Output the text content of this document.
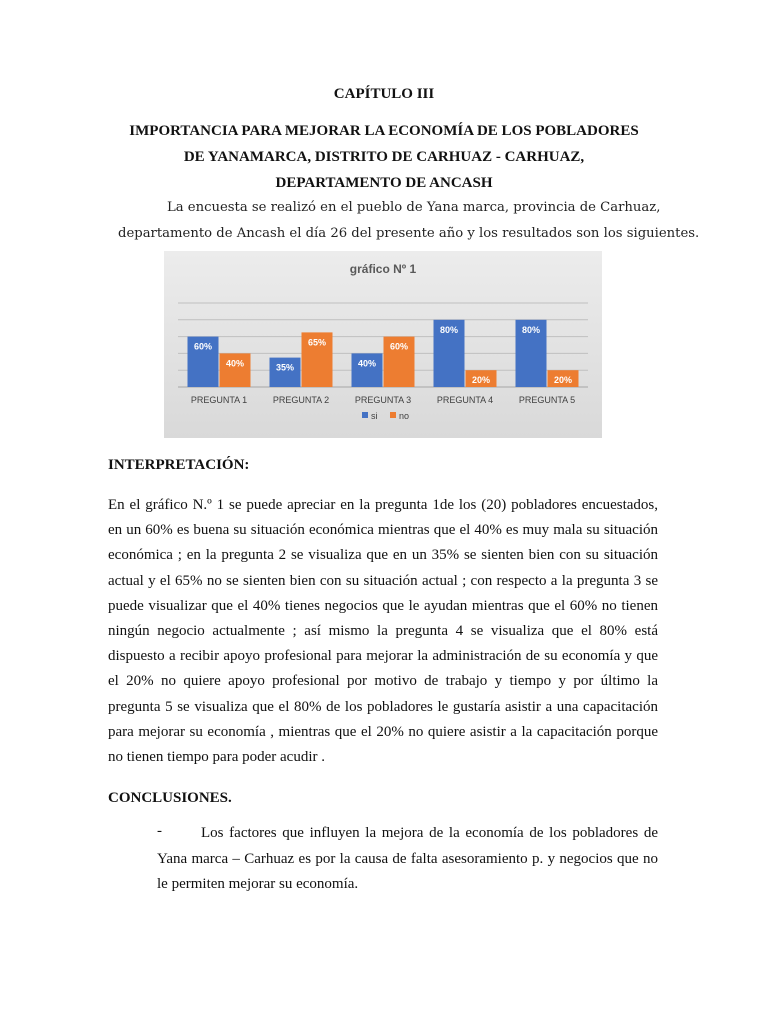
CAPÍTULO III
IMPORTANCIA PARA MEJORAR LA ECONOMÍA DE LOS POBLADORES
DE YANAMARCA, DISTRITO DE CARHUAZ - CARHUAZ,
DEPARTAMENTO DE ANCASH
La encuesta se realizó en el pueblo de Yana marca, provincia de Carhuaz,
departamento de Ancash el día 26 del presente año y los resultados son los siguientes.
gráfico Nº 1
60%
40%	35%
65%
40%
60%
80%
20%
80%
20%
PREGUNTA 1	PREGUNTA 2	PREGUNTA 3	PREGUNTA 4	PREGUNTA 5
si no
INTERPRETACIÓN:
En el gráfico N.º 1 se puede apreciar en la pregunta 1de los (20) pobladores encuestados, en un 60% es buena su situación económica mientras que el 40% es muy mala su situación económica ; en la pregunta 2 se visualiza que en un 35% se sienten bien con su situación actual y el 65% no se sienten bien con su situación actual ; con respecto a la pregunta 3 se puede visualizar que el 40% tienes negocios que le ayudan mientras que el 60% no tienen ningún negocio actualmente ; así mismo la pregunta 4 se visualiza que el 80% está dispuesto a recibir apoyo profesional para mejorar la administración de su economía y que el 20% no quiere apoyo profesional por motivo de trabajo y tiempo y por último la pregunta 5 se visualiza que el 80% de los pobladores le gustaría asistir a una capacitación para mejorar su economía , mientras que el 20% no quiere asistir a la capacitación porque no tienen tiempo para poder acudir .
CONCLUSIONES.
-	Los factores que influyen la mejora de la economía de los pobladores de Yana marca – Carhuaz es por la causa de falta asesoramiento p. y negocios que no le permiten mejorar su economía.
